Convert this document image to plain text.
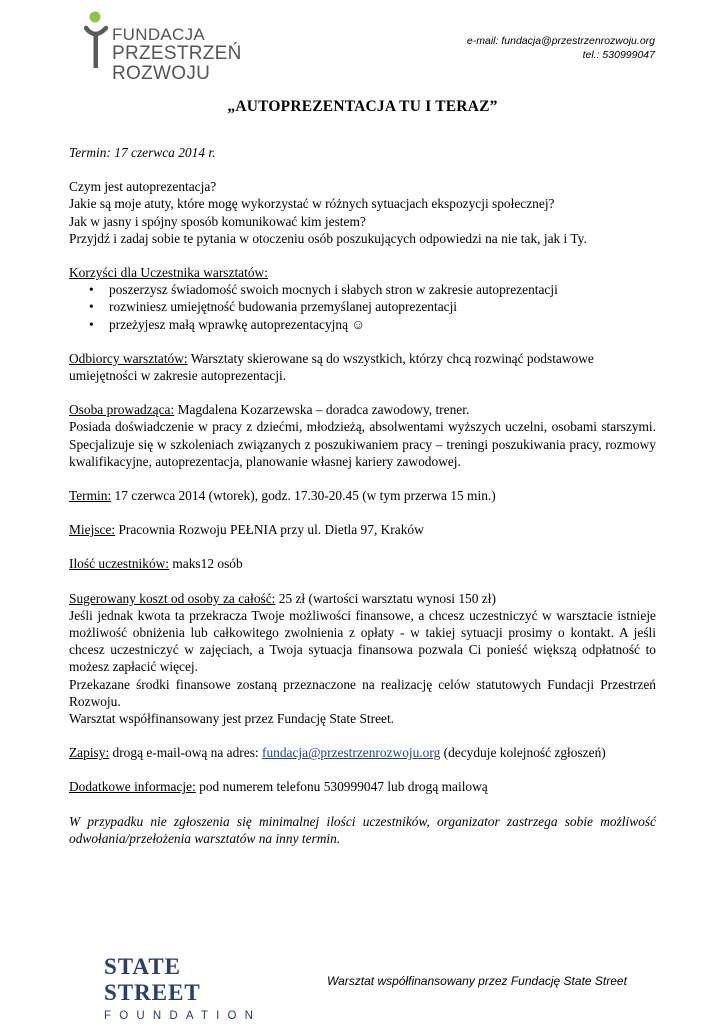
FUNDACJA
PRZESTRZEŃ ROZWOJU
e-mail: fundacja@przestrzenrozwoju.org
tel.: 530999047
„AUTOPREZENTACJA TU I TERAZ”

Termin: 17 czerwca 2014 r.

Czym jest autoprezentacja?

Jakie są moje atuty, które mogę wykorzystać w różnych sytuacjach ekspozycji społecznej?

Jak w jasny i spójny sposób komunikować kim jestem?

Przyjdź i zadaj sobie te pytania w otoczeniu osób poszukujących odpowiedzi na nie tak, jak i Ty.

Korzyści dla Uczestnika warsztatów:

• poszerzysz świadomość swoich mocnych i słabych stron w zakresie autoprezentacji
• rozwiniesz umiejętność budowania przemyślanej autoprezentacji
• przeżyjesz małą wprawkę autoprezentacyjną ☺

Odbiorcy warsztatów: Warsztaty skierowane są do wszystkich, którzy chcą rozwinąć podstawowe umiejętności w zakresie autoprezentacji.

Osoba prowadząca: Magdalena Kozarzewska – doradca zawodowy, trener.

Posiada doświadczenie w pracy z dziećmi, młodzieżą, absolwentami wyższych uczelni, osobami starszymi. Specjalizuje się w szkoleniach związanych z poszukiwaniem pracy – treningi poszukiwania pracy, rozmowy kwalifikacyjne, autoprezentacja, planowanie własnej kariery zawodowej.

Termin: 17 czerwca 2014 (wtorek), godz. 17.30-20.45 (w tym przerwa 15 min.)

Miejsce: Pracownia Rozwoju PEŁNIA przy ul. Dietla 97, Kraków

Ilość uczestników: maks12 osób

Sugerowany koszt od osoby za całość: 25 zł (wartości warsztatu wynosi 150 zł)

Jeśli jednak kwota ta przekracza Twoje możliwości finansowe, a chcesz uczestniczyć w warsztacie istnieje możliwość obniżenia lub całkowitego zwolnienia z opłaty - w takiej sytuacji prosimy o kontakt. A jeśli chcesz uczestniczyć w zajęciach, a Twoja sytuacja finansowa pozwala Ci ponieść większą odpłatność to możesz zapłacić więcej.

Przekazane środki finansowe zostaną przeznaczone na realizację celów statutowych Fundacji Przestrzeń Rozwoju.

Warsztat współfinansowany jest przez Fundację State Street.

Zapisy: drogą e-mail-ową na adres: fundacja@przestrzenrozwoju.org (decyduje kolejność zgłoszeń)

Dodatkowe informacje: pod numerem telefonu 530999047 lub drogą mailową

W przypadku nie zgłoszenia się minimalnej ilości uczestników, organizator zastrzega sobie możliwość odwołania/przełożenia warsztatów na inny termin.

STATE STREET
FOUNDATION
Warsztat współfinansowany przez Fundację State Street
